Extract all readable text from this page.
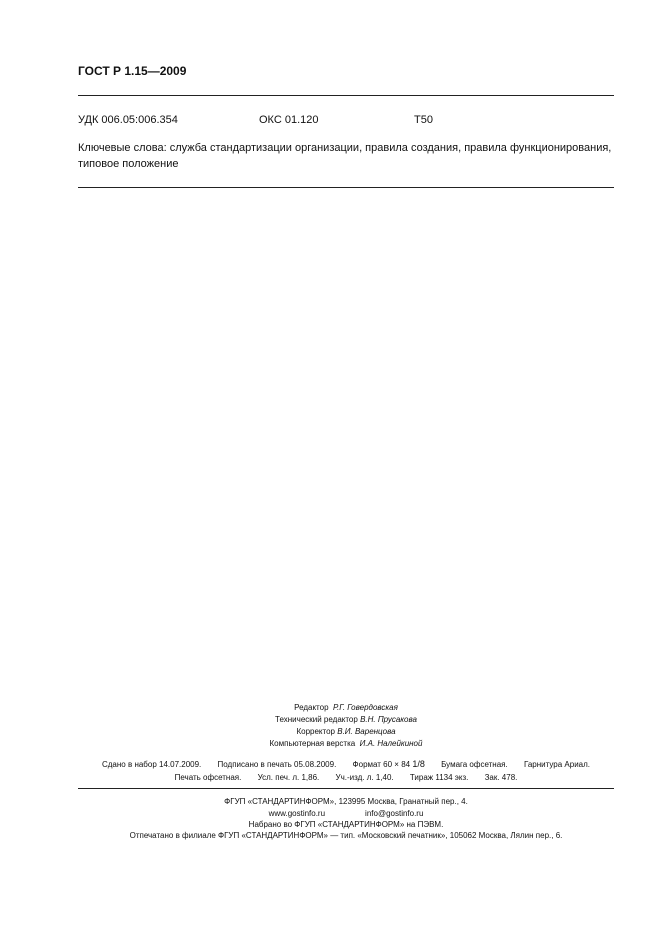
ГОСТ Р 1.15—2009
УДК 006.05:006.354	ОКС 01.120	Т50
Ключевые слова: служба стандартизации организации, правила создания, правила функционирования,
типовое положение
Редактор Р.Г. Говердовская
Технический редактор В.Н. Прусакова
Корректор В.И. Варенцова
Компьютерная верстка И.А. Налейкиной
Сдано в набор 14.07.2009. Подписано в печать 05.08.2009. Формат 60 × 84 1/8 Бумага офсетная. Гарнитура Ариал.
Печать офсетная. Усл. печ. л. 1,86. Уч.-изд. л. 1,40. Тираж 1134 экз. Зак. 478.
ФГУП «СТАНДАРТИНФОРМ», 123995 Москва, Гранатный пер., 4.
www.gostinfo.ru	info@gostinfo.ru
Набрано во ФГУП «СТАНДАРТИНФОРМ» на ПЭВМ.
Отпечатано в филиале ФГУП «СТАНДАРТИНФОРМ» — тип. «Московский печатник», 105062 Москва, Лялин пер., 6.
